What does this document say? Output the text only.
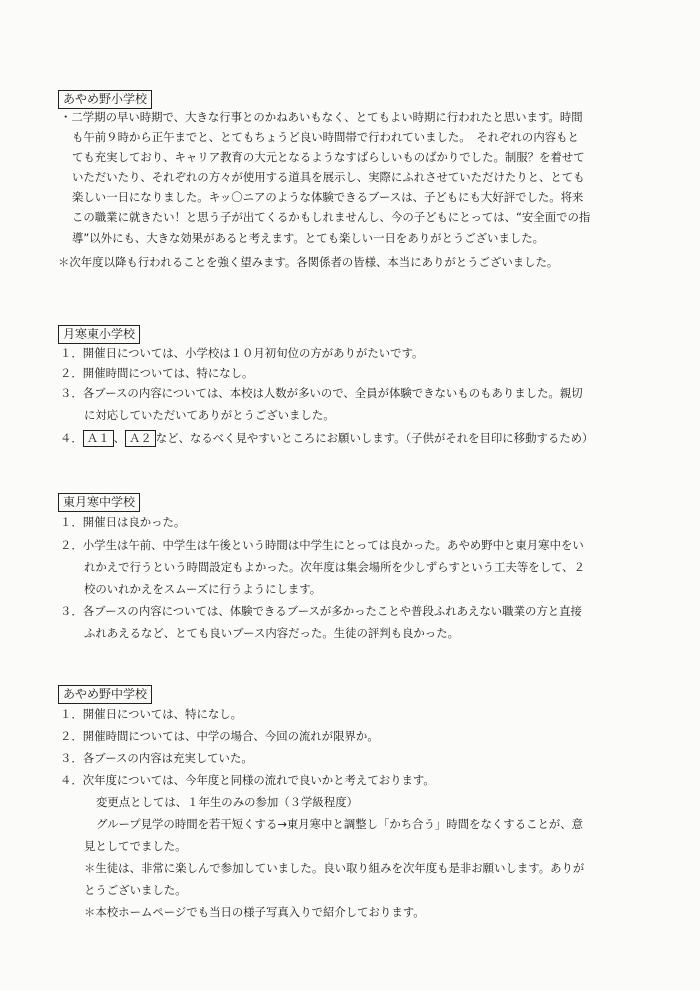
あやめ野小学校
・二学期の早い時期で、大きな行事とのかねあいもなく、とてもよい時期に行われたと思います。時間
も午前９時から正午までと、とてもちょうど良い時間帯で行われていました。　それぞれの内容もと
ても充実しており、キャリア教育の大元となるようなすばらしいものばかりでした。制服？を着せて
いただいたり、それぞれの方々が使用する道具を展示し、実際にふれさせていただけたりと、とても
楽しい一日になりました。キッ〇ニアのような体験できるブースは、子どもにも大好評でした。将来
この職業に就きたい！と思う子が出てくるかもしれませんし、今の子どもにとっては、“安全面での指
導”以外にも、大きな効果があると考えます。とても楽しい一日をありがとうございました。
＊次年度以降も行われることを強く望みます。各関係者の皆様、本当にありがとうございました。
月寒東小学校
１．開催日については、小学校は１０月初旬位の方がありがたいです。
２．開催時間については、特になし。
３．各ブースの内容については、本校は人数が多いので、全員が体験できないものもありました。親切
に対応していただいてありがとうございました。
４． Ａ１ 、 Ａ２ など、なるべく見やすいところにお願いします。（子供がそれを目印に移動するため）
東月寒中学校
１．開催日は良かった。
２．小学生は午前、中学生は午後という時間は中学生にとっては良かった。あやめ野中と東月寒中をい
れかえで行うという時間設定もよかった。次年度は集会場所を少しずらすという工夫等をして、２
校のいれかえをスムーズに行うようにします。
３．各ブースの内容については、体験できるブースが多かったことや普段ふれあえない職業の方と直接
ふれあえるなど、とても良いブース内容だった。生徒の評判も良かった。
あやめ野中学校
１．開催日については、特になし。
２．開催時間については、中学の場合、今回の流れが限界か。
３．各ブースの内容は充実していた。
４．次年度については、今年度と同様の流れで良いかと考えております。
変更点としては、１年生のみの参加（３学級程度）
グループ見学の時間を若干短くする→東月寒中と調整し「かち合う」時間をなくすることが、意
見としてでました。
＊生徒は、非常に楽しんで参加していました。良い取り組みを次年度も是非お願いします。ありが
とうございました。
＊本校ホームページでも当日の様子写真入りで紹介しております。
